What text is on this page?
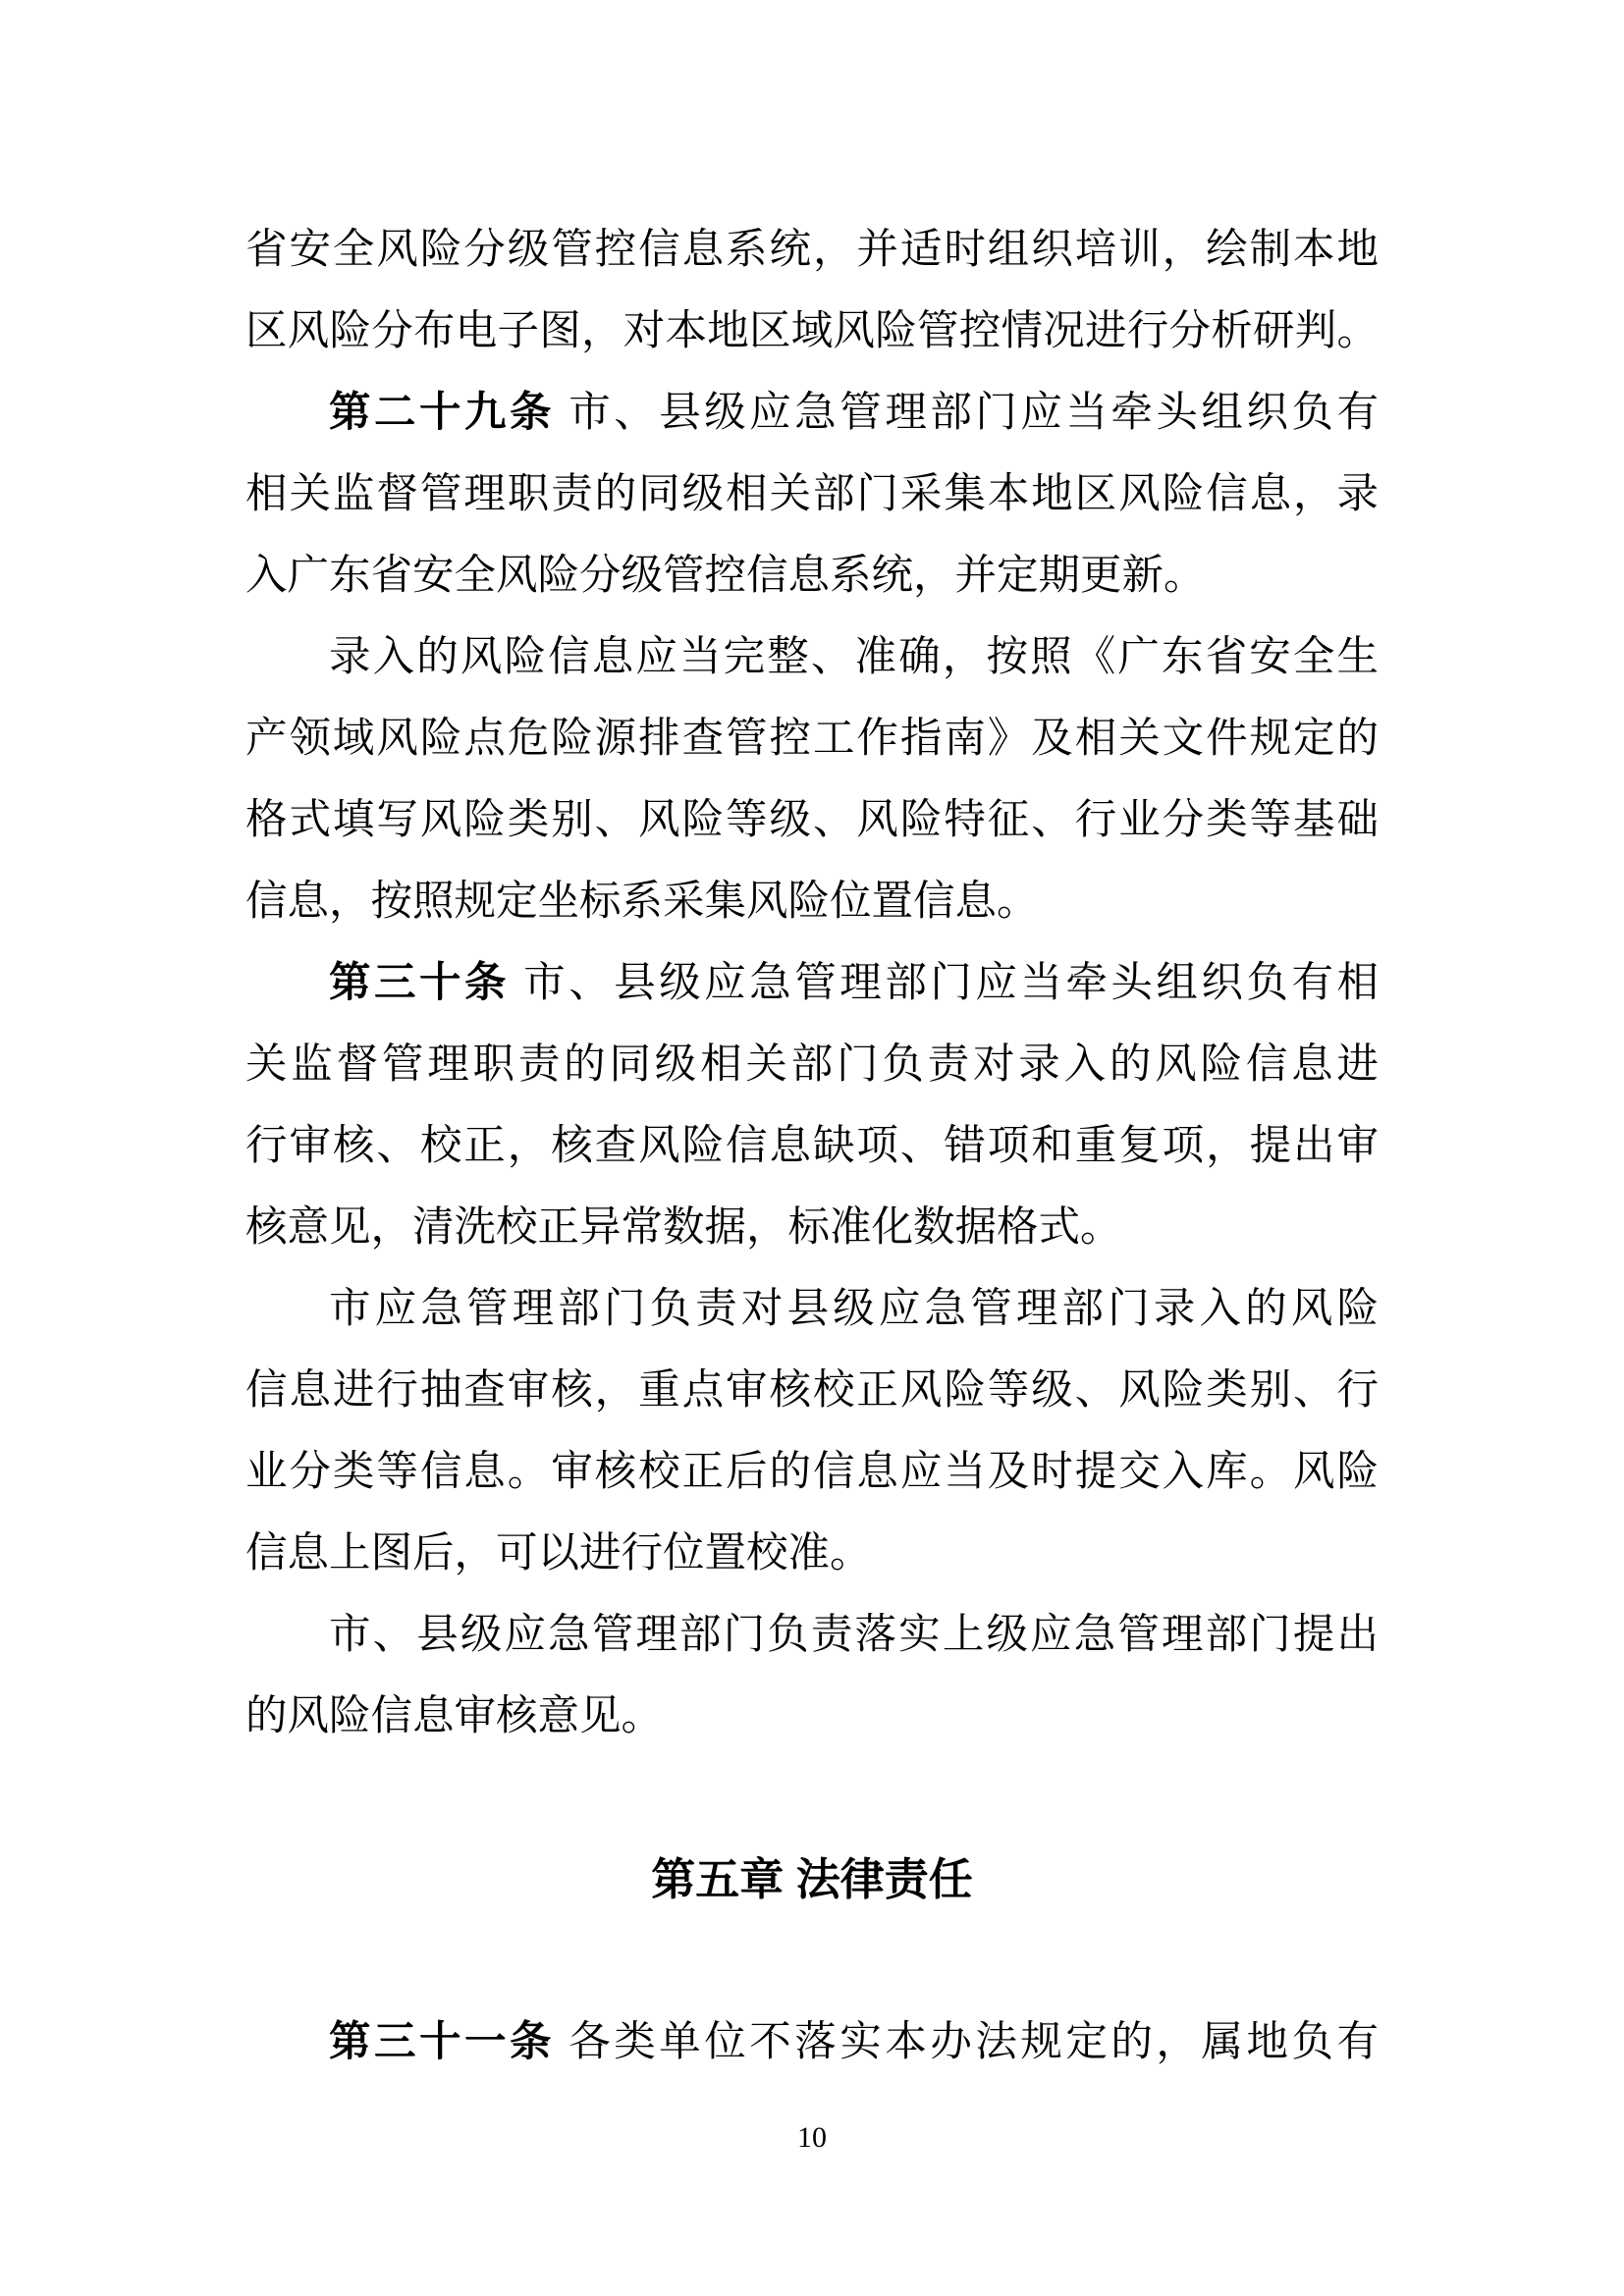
省安全风险分级管控信息系统，并适时组织培训，绘制本地
区风险分布电子图，对本地区域风险管控情况进行分析研判。
第二十九条 市、县级应急管理部门应当牵头组织负有
相关监督管理职责的同级相关部门采集本地区风险信息，录
入广东省安全风险分级管控信息系统，并定期更新。
录入的风险信息应当完整、准确，按照《广东省安全生
产领域风险点危险源排查管控工作指南》及相关文件规定的
格式填写风险类别、风险等级、风险特征、行业分类等基础
信息，按照规定坐标系采集风险位置信息。
第三十条 市、县级应急管理部门应当牵头组织负有相
关监督管理职责的同级相关部门负责对录入的风险信息进
行审核、校正，核查风险信息缺项、错项和重复项，提出审
核意见，清洗校正异常数据，标准化数据格式。
市应急管理部门负责对县级应急管理部门录入的风险
信息进行抽查审核，重点审核校正风险等级、风险类别、行
业分类等信息。审核校正后的信息应当及时提交入库。风险
信息上图后，可以进行位置校准。
市、县级应急管理部门负责落实上级应急管理部门提出
的风险信息审核意见。
第五章 法律责任
第三十一条 各类单位不落实本办法规定的，属地负有
10
